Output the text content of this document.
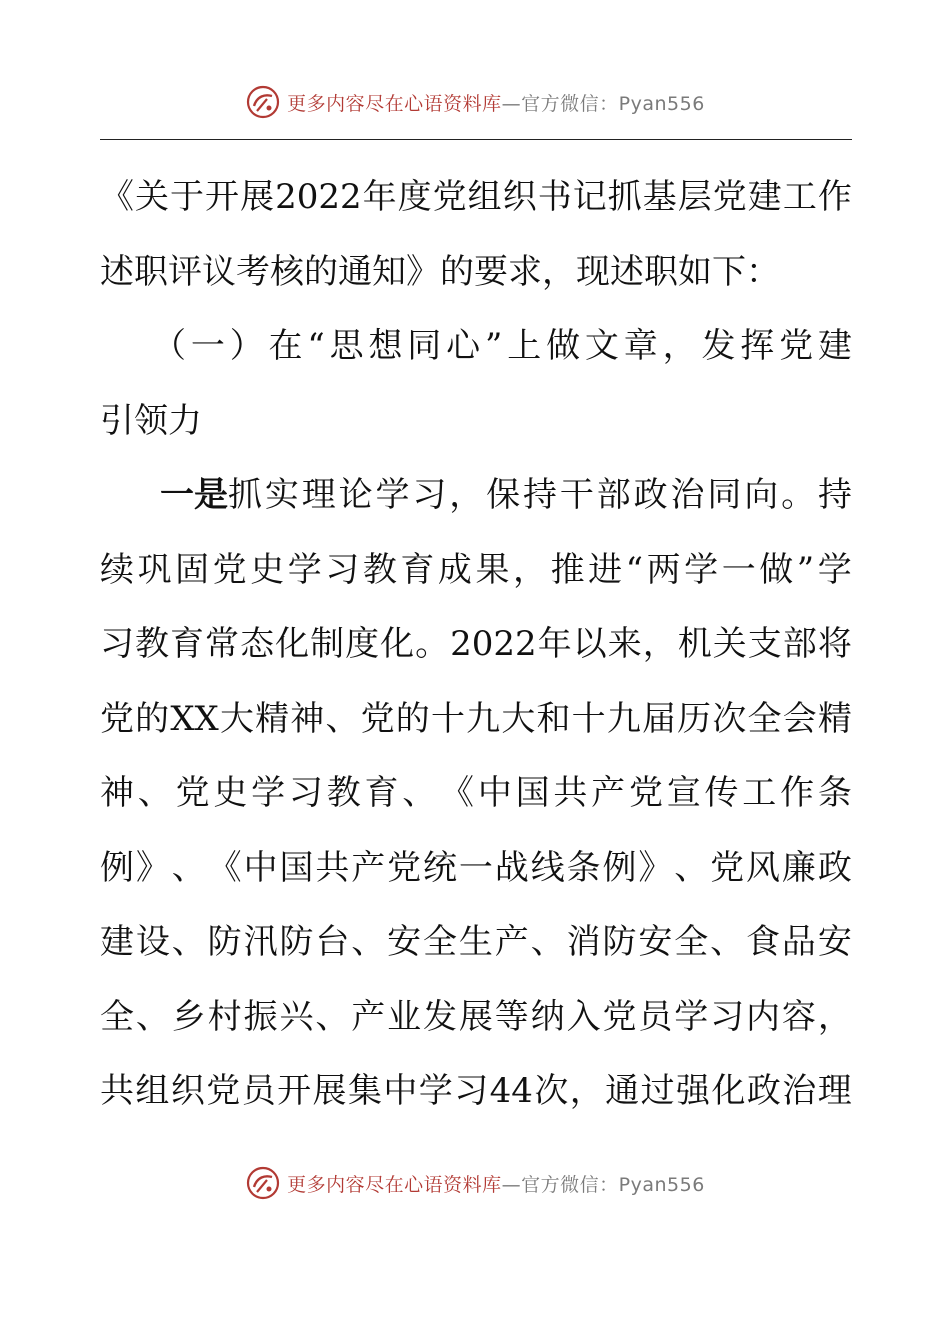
更多内容尽在心语资料库—官方微信：Pyan556
《 关 于 开 展 2022 年 度 党 组 织 书 记 抓 基 层 党 建 工 作
述 职 评 议 考 核 的 通 知 》 的 要 求 ， 现 述 职 如 下 ：
（ 一 ） 在 “ 思 想 同 心 ” 上 做 文 章 ， 发 挥 党 建
引 领 力
一是 抓 实 理 论 学 习 ， 保 持 干 部 政 治 同 向 。 持
续 巩 固 党 史 学 习 教 育 成 果 ， 推 进 “ 两 学 一 做 ” 学
习 教 育 常 态 化 制 度 化 。 2022 年 以 来 ， 机 关 支 部 将
党 的 XX 大 精 神 、 党 的 十 九 大 和 十 九 届 历 次 全 会 精
神 、 党 史 学 习 教 育 、 《 中 国 共 产 党 宣 传 工 作 条
例 》 、 《 中 国 共 产 党 统 一 战 线 条 例 》 、 党 风 廉 政
建 设 、 防 汛 防 台 、 安 全 生 产 、 消 防 安 全 、 食 品 安
全 、 乡 村 振 兴 、 产 业 发 展 等 纳 入 党 员 学 习 内 容 ，
共 组 织 党 员 开 展 集 中 学 习 44 次 ， 通 过 强 化 政 治 理
更多内容尽在心语资料库—官方微信：Pyan556
